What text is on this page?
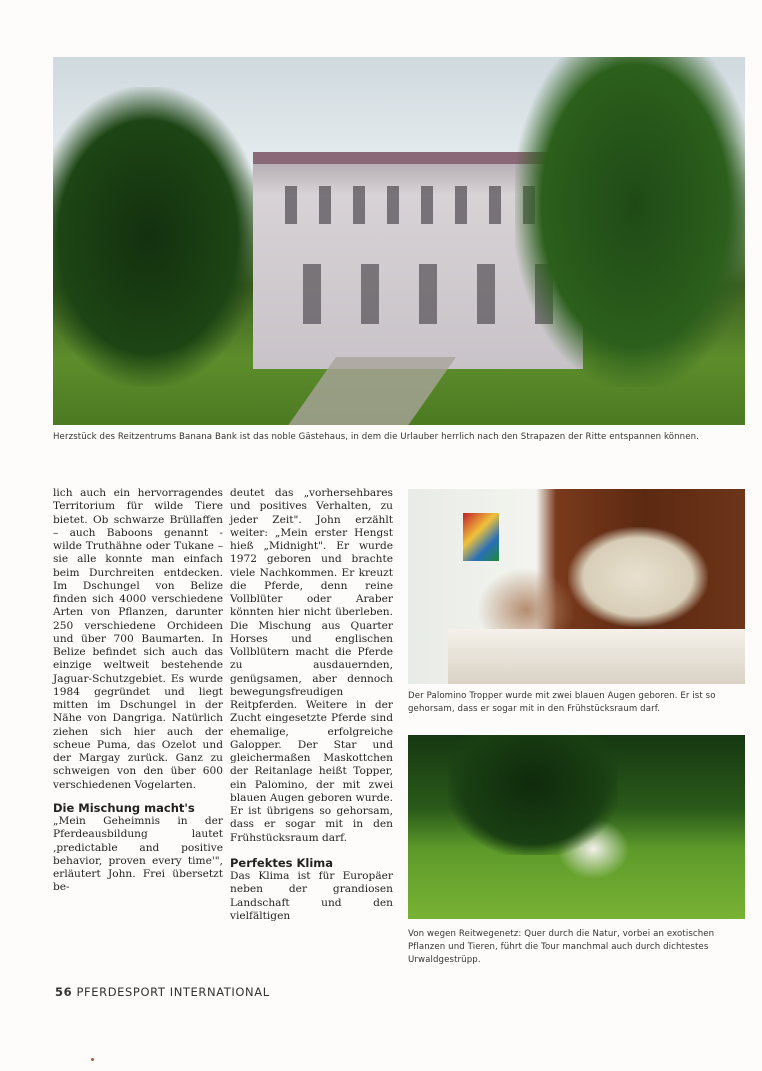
Herzstück des Reitzentrums Banana Bank ist das noble Gästehaus, in dem die Urlauber herrlich nach den Strapazen der Ritte entspannen können.

lich auch ein hervorragendes Territorium für wilde Tiere bietet. Ob schwarze Brüllaffen – auch Baboons genannt - wilde Truthähne oder Tukane – sie alle konnte man einfach beim Durchreiten entdecken. Im Dschungel von Belize finden sich 4000 verschiedene Arten von Pflanzen, darunter 250 verschiedene Orchideen und über 700 Baumarten. In Belize befindet sich auch das einzige weltweit bestehende Jaguar-Schutzgebiet. Es wurde 1984 gegründet und liegt mitten im Dschungel in der Nähe von Dangriga. Natürlich ziehen sich hier auch der scheue Puma, das Ozelot und der Margay zurück. Ganz zu schweigen von den über 600 verschiedenen Vogelarten.

Die Mischung macht's

„Mein Geheimnis in der Pferdeausbildung lautet ‚predictable and positive behavior, proven every time'", erläutert John. Frei übersetzt be-

deutet das „vorhersehbares und positives Verhalten, zu jeder Zeit". John erzählt weiter: „Mein erster Hengst hieß „Midnight". Er wurde 1972 geboren und brachte viele Nachkommen. Er kreuzt die Pferde, denn reine Vollblüter oder Araber könnten hier nicht überleben. Die Mischung aus Quarter Horses und englischen Vollblütern macht die Pferde zu ausdauernden, genügsamen, aber dennoch bewegungsfreudigen Reitpferden. Weitere in der Zucht eingesetzte Pferde sind ehemalige, erfolgreiche Galopper. Der Star und gleichermaßen Maskottchen der Reitanlage heißt Topper, ein Palomino, der mit zwei blauen Augen geboren wurde. Er ist übrigens so gehorsam, dass er sogar mit in den Frühstücksraum darf.

Perfektes Klima

Das Klima ist für Europäer neben der grandiosen Landschaft und den vielfältigen

Der Palomino Tropper wurde mit zwei blauen Augen geboren. Er ist so gehorsam, dass er sogar mit in den Frühstücksraum darf.
Von wegen Reitwegenetz: Quer durch die Natur, vorbei an exotischen Pflanzen und Tieren, führt die Tour manchmal auch durch dichtestes Urwaldgestrüpp.
56 PFERDESPORT INTERNATIONAL
